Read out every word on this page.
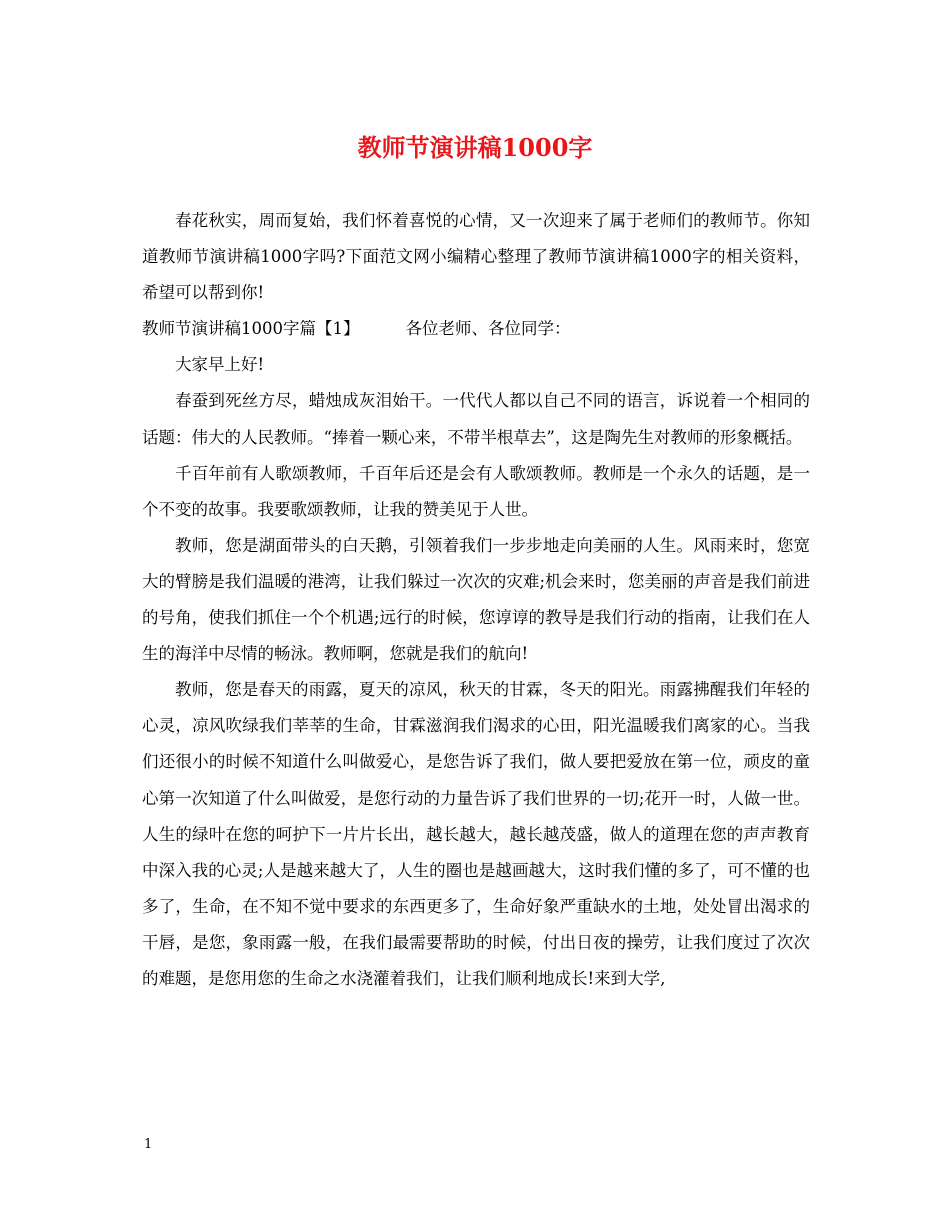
教师节演讲稿1000字

春花秋实，周而复始，我们怀着喜悦的心情，又一次迎来了属于老师们的教师节。你知道教师节演讲稿1000字吗?下面范文网小编精心整理了教师节演讲稿1000字的相关资料，希望可以帮到你!

教师节演讲稿1000字篇【1】	各位老师、各位同学：

大家早上好!

春蚕到死丝方尽，蜡烛成灰泪始干。一代代人都以自己不同的语言，诉说着一个相同的话题：伟大的人民教师。“捧着一颗心来，不带半根草去”，这是陶先生对教师的形象概括。

千百年前有人歌颂教师，千百年后还是会有人歌颂教师。教师是一个永久的话题，是一个不变的故事。我要歌颂教师，让我的赞美见于人世。

教师，您是湖面带头的白天鹅，引领着我们一步步地走向美丽的人生。风雨来时，您宽大的臂膀是我们温暖的港湾，让我们躲过一次次的灾难;机会来时，您美丽的声音是我们前进的号角，使我们抓住一个个机遇;远行的时候，您谆谆的教导是我们行动的指南，让我们在人生的海洋中尽情的畅泳。教师啊，您就是我们的航向!

教师，您是春天的雨露，夏天的凉风，秋天的甘霖，冬天的阳光。雨露拂醒我们年轻的心灵，凉风吹绿我们莘莘的生命，甘霖滋润我们渴求的心田，阳光温暖我们离家的心。当我们还很小的时候不知道什么叫做爱心，是您告诉了我们，做人要把爱放在第一位，顽皮的童心第一次知道了什么叫做爱，是您行动的力量告诉了我们世界的一切;花开一时，人做一世。人生的绿叶在您的呵护下一片片长出，越长越大，越长越茂盛，做人的道理在您的声声教育中深入我的心灵;人是越来越大了，人生的圈也是越画越大，这时我们懂的多了，可不懂的也多了，生命，在不知不觉中要求的东西更多了，生命好象严重缺水的土地，处处冒出渴求的干唇，是您，象雨露一般，在我们最需要帮助的时候，付出日夜的操劳，让我们度过了次次的难题，是您用您的生命之水浇灌着我们，让我们顺利地成长!来到大学,

1
